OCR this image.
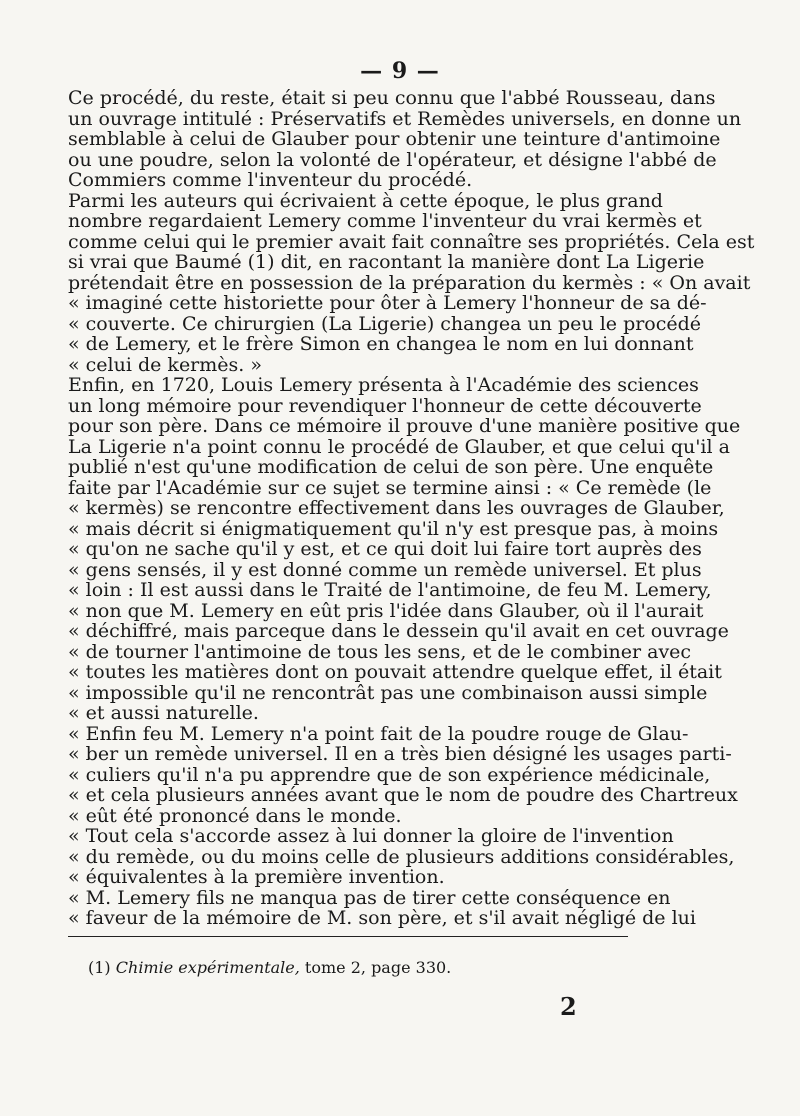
— 9 —
Ce procédé, du reste, était si peu connu que l'abbé Rousseau, dans
un ouvrage intitulé : Préservatifs et Remèdes universels, en donne un
semblable à celui de Glauber pour obtenir une teinture d'antimoine
ou une poudre, selon la volonté de l'opérateur, et désigne l'abbé de
Commiers comme l'inventeur du procédé.
Parmi les auteurs qui écrivaient à cette époque, le plus grand
nombre regardaient Lemery comme l'inventeur du vrai kermès et
comme celui qui le premier avait fait connaître ses propriétés. Cela est
si vrai que Baumé (1) dit, en racontant la manière dont La Ligerie
prétendait être en possession de la préparation du kermès : « On avait
« imaginé cette historiette pour ôter à Lemery l'honneur de sa dé-
« couverte. Ce chirurgien (La Ligerie) changea un peu le procédé
« de Lemery, et le frère Simon en changea le nom en lui donnant
« celui de kermès. »
Enfin, en 1720, Louis Lemery présenta à l'Académie des sciences
un long mémoire pour revendiquer l'honneur de cette découverte
pour son père. Dans ce mémoire il prouve d'une manière positive que
La Ligerie n'a point connu le procédé de Glauber, et que celui qu'il a
publié n'est qu'une modification de celui de son père. Une enquête
faite par l'Académie sur ce sujet se termine ainsi : « Ce remède (le
« kermès) se rencontre effectivement dans les ouvrages de Glauber,
« mais décrit si énigmatiquement qu'il n'y est presque pas, à moins
« qu'on ne sache qu'il y est, et ce qui doit lui faire tort auprès des
« gens sensés, il y est donné comme un remède universel. Et plus
« loin : Il est aussi dans le Traité de l'antimoine, de feu M. Lemery,
« non que M. Lemery en eût pris l'idée dans Glauber, où il l'aurait
« déchiffré, mais parceque dans le dessein qu'il avait en cet ouvrage
« de tourner l'antimoine de tous les sens, et de le combiner avec
« toutes les matières dont on pouvait attendre quelque effet, il était
« impossible qu'il ne rencontrât pas une combinaison aussi simple
« et aussi naturelle.
« Enfin feu M. Lemery n'a point fait de la poudre rouge de Glau-
« ber un remède universel. Il en a très bien désigné les usages parti-
« culiers qu'il n'a pu apprendre que de son expérience médicinale,
« et cela plusieurs années avant que le nom de poudre des Chartreux
« eût été prononcé dans le monde.
« Tout cela s'accorde assez à lui donner la gloire de l'invention
« du remède, ou du moins celle de plusieurs additions considérables,
« équivalentes à la première invention.
« M. Lemery fils ne manqua pas de tirer cette conséquence en
« faveur de la mémoire de M. son père, et s'il avait négligé de lui
(1) Chimie expérimentale, tome 2, page 330.
2
